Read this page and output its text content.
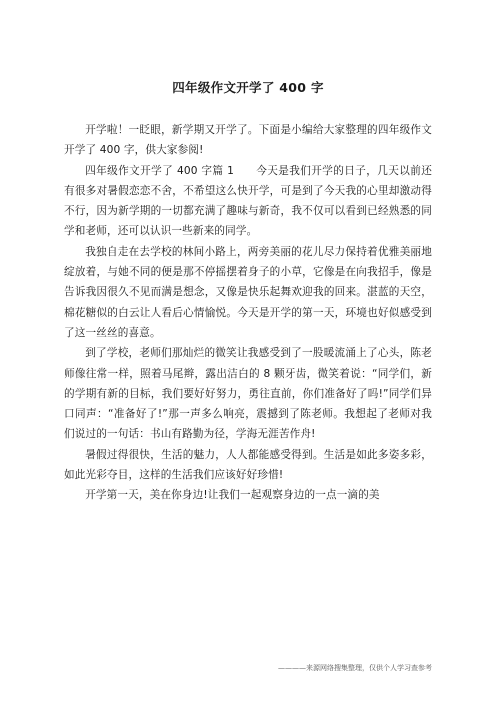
四年级作文开学了 400 字

开学啦！一眨眼，新学期又开学了。下面是小编给大家整理的四年级作文开学了 400 字，供大家参阅!

四年级作文开学了 400 字篇 1　　今天是我们开学的日子，几天以前还有很多对暑假恋恋不舍，不希望这么快开学，可是到了今天我的心里却激动得不行，因为新学期的一切都充满了趣味与新奇，我不仅可以看到已经熟悉的同学和老师，还可以认识一些新来的同学。

我独自走在去学校的林间小路上，两旁美丽的花儿尽力保持着优雅美丽地绽放着，与她不同的便是那不停摇摆着身子的小草，它像是在向我招手，像是告诉我因很久不见而满是想念，又像是快乐起舞欢迎我的回来。湛蓝的天空，棉花糖似的白云让人看后心情愉悦。今天是开学的第一天，环境也好似感受到了这一丝丝的喜意。

到了学校，老师们那灿烂的微笑让我感受到了一股暖流涌上了心头，陈老师像往常一样，照着马尾辫，露出洁白的 8 颗牙齿，微笑着说：“同学们，新的学期有新的目标，我们要好好努力，勇往直前，你们准备好了吗!”同学们异口同声：“准备好了!”那一声多么响亮，震撼到了陈老师。我想起了老师对我们说过的一句话：书山有路勤为径，学海无涯苦作舟!

暑假过得很快，生活的魅力，人人都能感受得到。生活是如此多姿多彩，如此光彩夺目，这样的生活我们应该好好珍惜!

开学第一天，美在你身边!让我们一起观察身边的一点一滴的美

————来源网络搜集整理，仅供个人学习查参考
